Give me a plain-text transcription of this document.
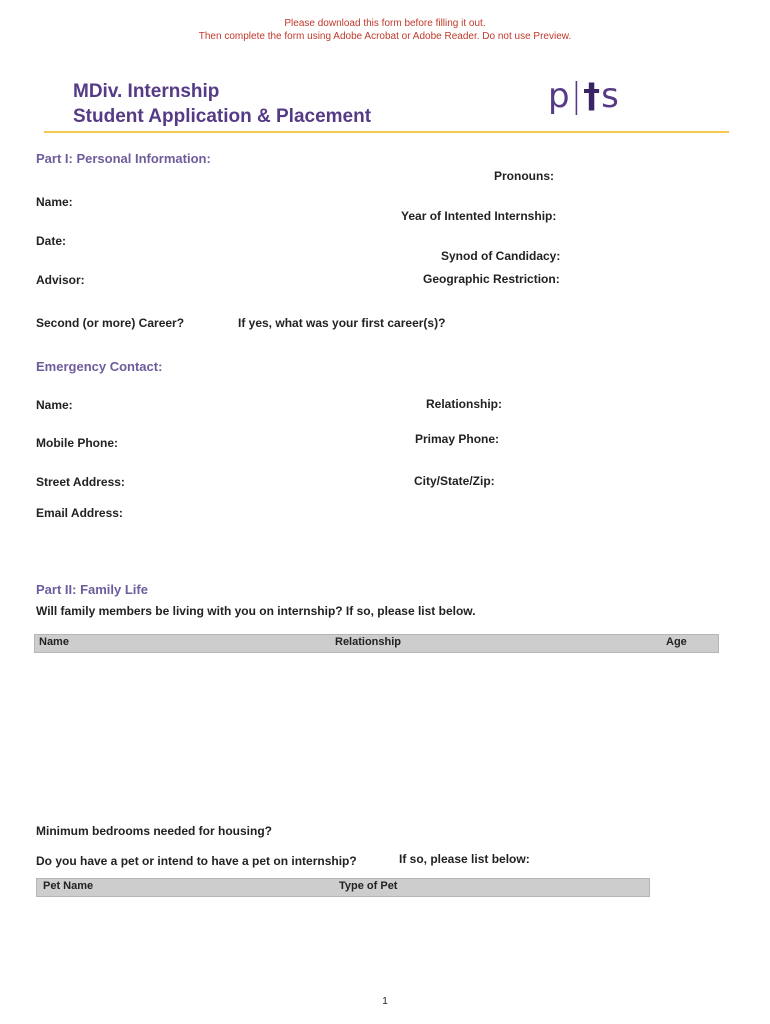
Please download this form before filling it out.
Then complete the form using Adobe Acrobat or Adobe Reader. Do not use Preview.
MDiv. Internship
Student Application & Placement
p|†s
Part I: Personal Information:
Pronouns:
Name:
Year of Intented Internship:
Date:
Synod of Candidacy:
Advisor:	Geographic Restriction:
Second (or more) Career?	If yes, what was your first career(s)?
Emergency Contact:
Name:	Relationship:
Mobile Phone:	Primay Phone:
Street Address:	City/State/Zip:
Email Address:
Part II: Family Life
Will family members be living with you on internship? If so, please list below.
Name	Relationship	Age
Minimum bedrooms needed for housing?
Do you have a pet or intend to have a pet on internship?	If so, please list below:
Pet Name	Type of Pet
1
